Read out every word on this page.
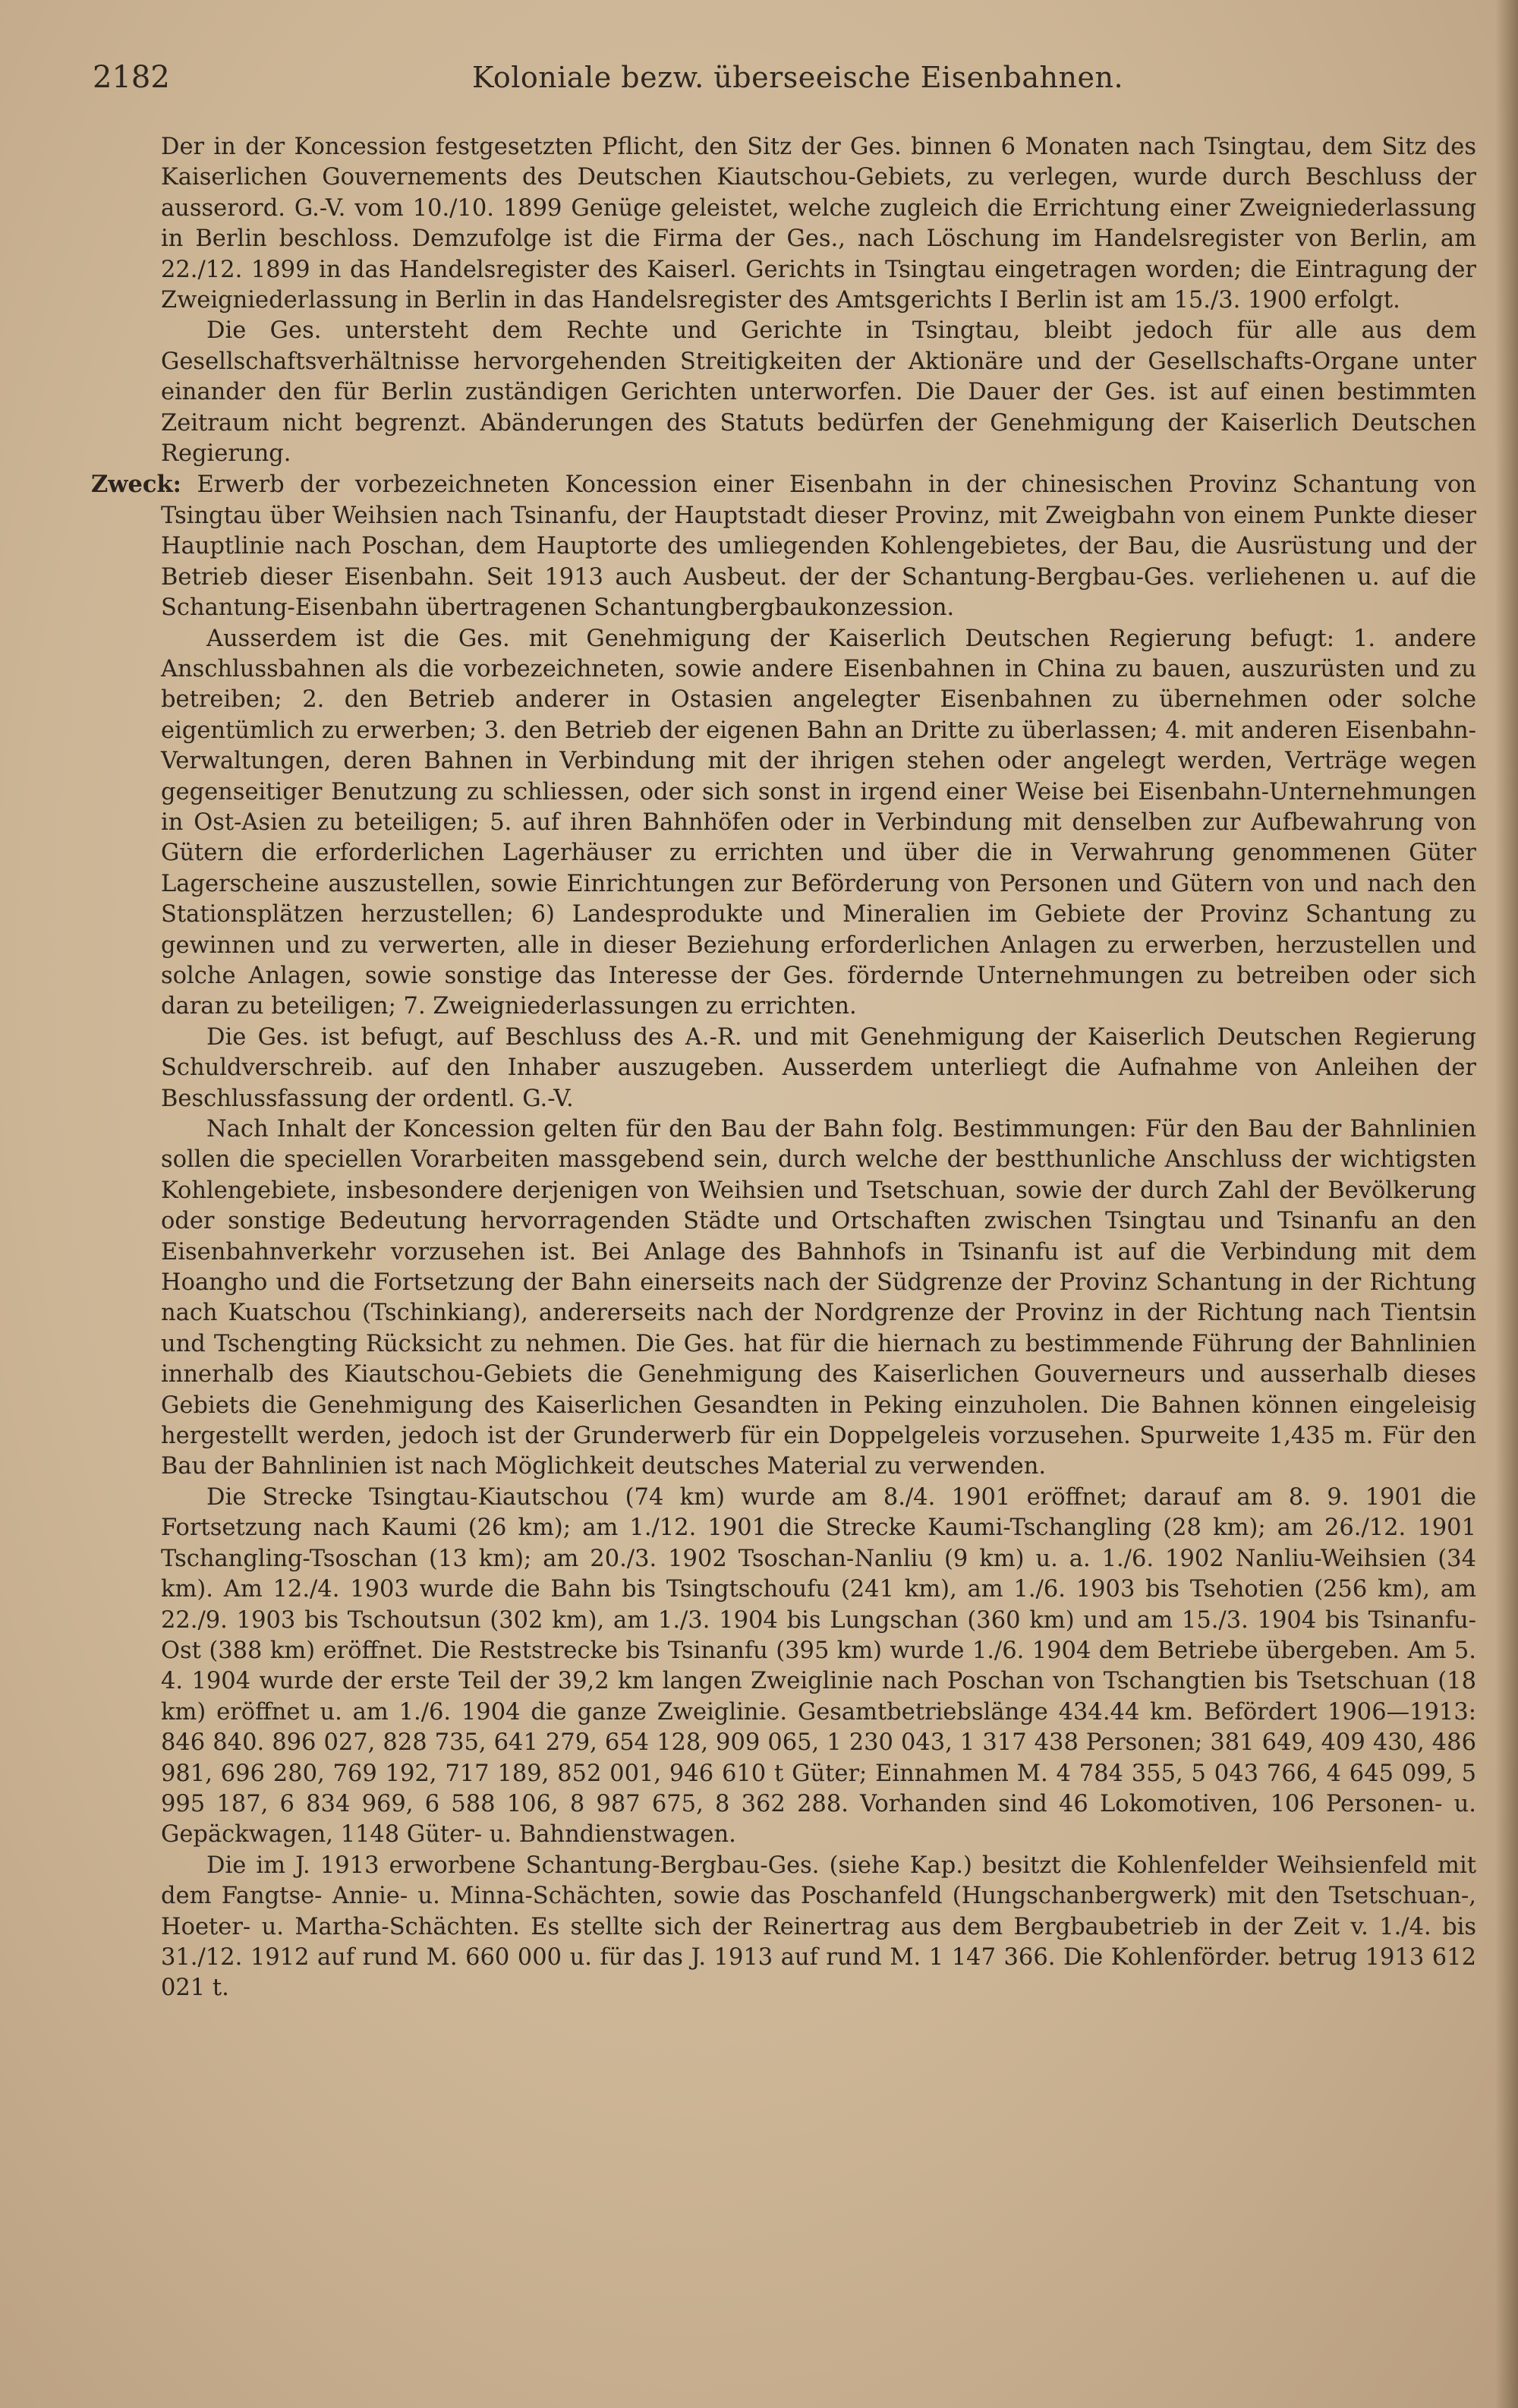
2182	Koloniale bezw. überseeische Eisenbahnen.

Der in der Koncession festgesetzten Pflicht, den Sitz der Ges. binnen 6 Monaten nach Tsingtau, dem Sitz des Kaiserlichen Gouvernements des Deutschen Kiautschou-Gebiets, zu verlegen, wurde durch Beschluss der ausserord. G.-V. vom 10./10. 1899 Genüge geleistet, welche zugleich die Errichtung einer Zweigniederlassung in Berlin beschloss. Demzufolge ist die Firma der Ges., nach Löschung im Handelsregister von Berlin, am 22./12. 1899 in das Handelsregister des Kaiserl. Gerichts in Tsingtau eingetragen worden; die Eintragung der Zweigniederlassung in Berlin in das Handelsregister des Amtsgerichts I Berlin ist am 15./3. 1900 erfolgt.

Die Ges. untersteht dem Rechte und Gerichte in Tsingtau, bleibt jedoch für alle aus dem Gesellschaftsverhältnisse hervorgehenden Streitigkeiten der Aktionäre und der Gesellschafts-Organe unter einander den für Berlin zuständigen Gerichten unterworfen. Die Dauer der Ges. ist auf einen bestimmten Zeitraum nicht begrenzt. Abänderungen des Statuts bedürfen der Genehmigung der Kaiserlich Deutschen Regierung.

Zweck: Erwerb der vorbezeichneten Koncession einer Eisenbahn in der chinesischen Provinz Schantung von Tsingtau über Weihsien nach Tsinanfu, der Hauptstadt dieser Provinz, mit Zweigbahn von einem Punkte dieser Hauptlinie nach Poschan, dem Hauptorte des umliegenden Kohlengebietes, der Bau, die Ausrüstung und der Betrieb dieser Eisenbahn. Seit 1913 auch Ausbeut. der der Schantung-Bergbau-Ges. verliehenen u. auf die Schantung-Eisenbahn übertragenen Schantungbergbaukonzession.

Ausserdem ist die Ges. mit Genehmigung der Kaiserlich Deutschen Regierung befugt: 1. andere Anschlussbahnen als die vorbezeichneten, sowie andere Eisenbahnen in China zu bauen, auszurüsten und zu betreiben; 2. den Betrieb anderer in Ostasien angelegter Eisenbahnen zu übernehmen oder solche eigentümlich zu erwerben; 3. den Betrieb der eigenen Bahn an Dritte zu überlassen; 4. mit anderen Eisenbahn-Verwaltungen, deren Bahnen in Verbindung mit der ihrigen stehen oder angelegt werden, Verträge wegen gegenseitiger Benutzung zu schliessen, oder sich sonst in irgend einer Weise bei Eisenbahn-Unternehmungen in Ost-Asien zu beteiligen; 5. auf ihren Bahnhöfen oder in Verbindung mit denselben zur Aufbewahrung von Gütern die erforderlichen Lagerhäuser zu errichten und über die in Verwahrung genommenen Güter Lagerscheine auszustellen, sowie Einrichtungen zur Beförderung von Personen und Gütern von und nach den Stationsplätzen herzustellen; 6) Landesprodukte und Mineralien im Gebiete der Provinz Schantung zu gewinnen und zu verwerten, alle in dieser Beziehung erforderlichen Anlagen zu erwerben, herzustellen und solche Anlagen, sowie sonstige das Interesse der Ges. fördernde Unternehmungen zu betreiben oder sich daran zu beteiligen; 7. Zweigniederlassungen zu errichten.

Die Ges. ist befugt, auf Beschluss des A.-R. und mit Genehmigung der Kaiserlich Deutschen Regierung Schuldverschreib. auf den Inhaber auszugeben. Ausserdem unterliegt die Aufnahme von Anleihen der Beschlussfassung der ordentl. G.-V.

Nach Inhalt der Koncession gelten für den Bau der Bahn folg. Bestimmungen: Für den Bau der Bahnlinien sollen die speciellen Vorarbeiten massgebend sein, durch welche der bestthunliche Anschluss der wichtigsten Kohlengebiete, insbesondere derjenigen von Weihsien und Tsetschuan, sowie der durch Zahl der Bevölkerung oder sonstige Bedeutung hervorragenden Städte und Ortschaften zwischen Tsingtau und Tsinanfu an den Eisenbahnverkehr vorzusehen ist. Bei Anlage des Bahnhofs in Tsinanfu ist auf die Verbindung mit dem Hoangho und die Fortsetzung der Bahn einerseits nach der Südgrenze der Provinz Schantung in der Richtung nach Kuatschou (Tschinkiang), andererseits nach der Nordgrenze der Provinz in der Richtung nach Tientsin und Tschengting Rücksicht zu nehmen. Die Ges. hat für die hiernach zu bestimmende Führung der Bahnlinien innerhalb des Kiautschou-Gebiets die Genehmigung des Kaiserlichen Gouverneurs und ausserhalb dieses Gebiets die Genehmigung des Kaiserlichen Gesandten in Peking einzuholen. Die Bahnen können eingeleisig hergestellt werden, jedoch ist der Grunderwerb für ein Doppelgeleis vorzusehen. Spurweite 1,435 m. Für den Bau der Bahnlinien ist nach Möglichkeit deutsches Material zu verwenden.

Die Strecke Tsingtau-Kiautschou (74 km) wurde am 8./4. 1901 eröffnet; darauf am 8. 9. 1901 die Fortsetzung nach Kaumi (26 km); am 1./12. 1901 die Strecke Kaumi-Tschangling (28 km); am 26./12. 1901 Tschangling-Tsoschan (13 km); am 20./3. 1902 Tsoschan-Nanliu (9 km) u. a. 1./6. 1902 Nanliu-Weihsien (34 km). Am 12./4. 1903 wurde die Bahn bis Tsingtschoufu (241 km), am 1./6. 1903 bis Tsehotien (256 km), am 22./9. 1903 bis Tschoutsun (302 km), am 1./3. 1904 bis Lungschan (360 km) und am 15./3. 1904 bis Tsinanfu-Ost (388 km) eröffnet. Die Reststrecke bis Tsinanfu (395 km) wurde 1./6. 1904 dem Betriebe übergeben. Am 5. 4. 1904 wurde der erste Teil der 39,2 km langen Zweiglinie nach Poschan von Tschangtien bis Tsetschuan (18 km) eröffnet u. am 1./6. 1904 die ganze Zweiglinie. Gesamtbetriebslänge 434.44 km. Befördert 1906—1913: 846 840. 896 027, 828 735, 641 279, 654 128, 909 065, 1 230 043, 1 317 438 Personen; 381 649, 409 430, 486 981, 696 280, 769 192, 717 189, 852 001, 946 610 t Güter; Einnahmen M. 4 784 355, 5 043 766, 4 645 099, 5 995 187, 6 834 969, 6 588 106, 8 987 675, 8 362 288. Vorhanden sind 46 Lokomotiven, 106 Personen- u. Gepäckwagen, 1148 Güter- u. Bahndienstwagen.

Die im J. 1913 erworbene Schantung-Bergbau-Ges. (siehe Kap.) besitzt die Kohlenfelder Weihsienfeld mit dem Fangtse- Annie- u. Minna-Schächten, sowie das Poschanfeld (Hungschanbergwerk) mit den Tsetschuan-, Hoeter- u. Martha-Schächten. Es stellte sich der Reinertrag aus dem Bergbaubetrieb in der Zeit v. 1./4. bis 31./12. 1912 auf rund M. 660 000 u. für das J. 1913 auf rund M. 1 147 366. Die Kohlenförder. betrug 1913 612 021 t.
